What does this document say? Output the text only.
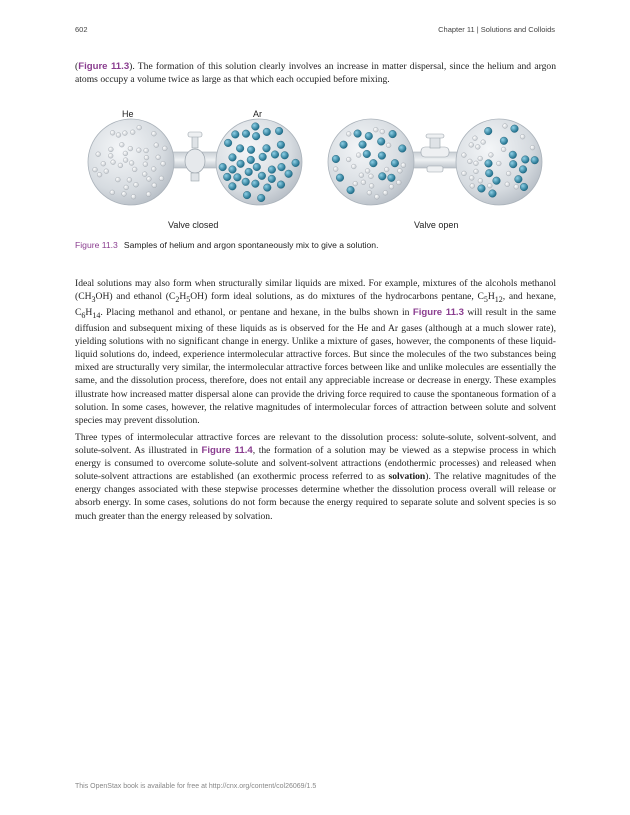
602	Chapter 11 | Solutions and Colloids

(Figure 11.3). The formation of this solution clearly involves an increase in matter dispersal, since the helium and argon atoms occupy a volume twice as large as that which each occupied before mixing.

He	Ar
Valve closed	Valve open
Figure 11.3 Samples of helium and argon spontaneously mix to give a solution.

Ideal solutions may also form when structurally similar liquids are mixed. For example, mixtures of the alcohols methanol $(CH_3OH)$ and ethanol $(C_2H_5OH)$ form ideal solutions, as do mixtures of the hydrocarbons pentane, $C_5H_{12}$, and hexane, $C_6H_{14}$. Placing methanol and ethanol, or pentane and hexane, in the bulbs shown in Figure 11.3 will result in the same diffusion and subsequent mixing of these liquids as is observed for the He and Ar gases (although at a much slower rate), yielding solutions with no significant change in energy. Unlike a mixture of gases, however, the components of these liquid-liquid solutions do, indeed, experience intermolecular attractive forces. But since the molecules of the two substances being mixed are structurally very similar, the intermolecular attractive forces between like and unlike molecules are essentially the same, and the dissolution process, therefore, does not entail any appreciable increase or decrease in energy. These examples illustrate how increased matter dispersal alone can provide the driving force required to cause the spontaneous formation of a solution. In some cases, however, the relative magnitudes of intermolecular forces of attraction between solute and solvent species may prevent dissolution.

Three types of intermolecular attractive forces are relevant to the dissolution process: solute-solute, solvent-solvent, and solute-solvent. As illustrated in Figure 11.4, the formation of a solution may be viewed as a stepwise process in which energy is consumed to overcome solute-solute and solvent-solvent attractions (endothermic processes) and released when solute-solvent attractions are established (an exothermic process referred to as solvation). The relative magnitudes of the energy changes associated with these stepwise processes determine whether the dissolution process overall will release or absorb energy. In some cases, solutions do not form because the energy required to separate solute and solvent species is so much greater than the energy released by solvation.

This OpenStax book is available for free at http://cnx.org/content/col26069/1.5
